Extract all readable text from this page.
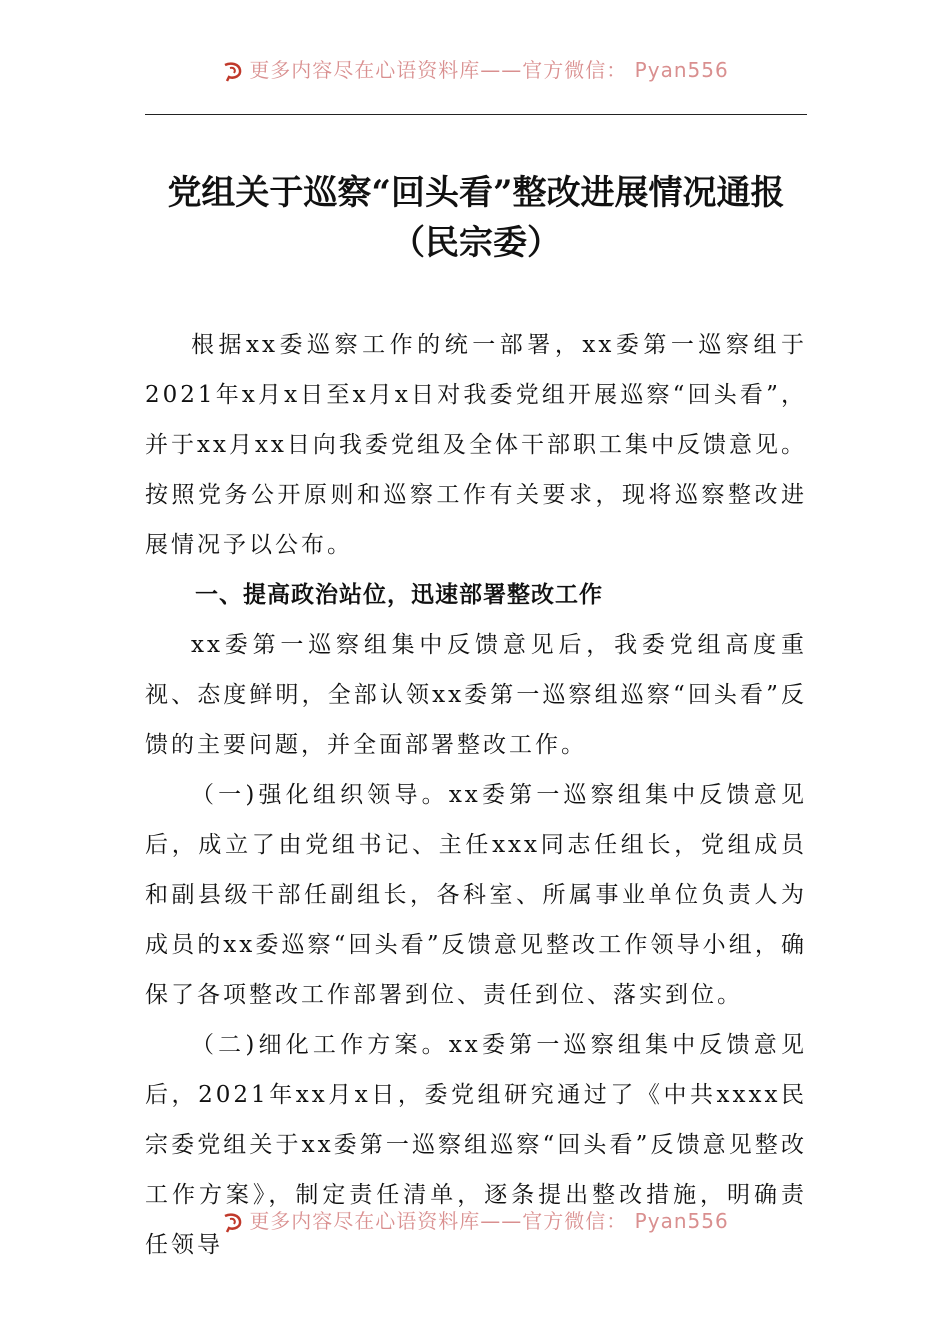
更多内容尽在心语资料库——官方微信： Pyan556
党组关于巡察“回头看”整改进展情况通报（民宗委）

根据xx委巡察工作的统一部署，xx委第一巡察组于2021年x月x日至x月x日对我委党组开展巡察“回头看”，并于xx月xx日向我委党组及全体干部职工集中反馈意见。按照党务公开原则和巡察工作有关要求，现将巡察整改进展情况予以公布。

一、提高政治站位，迅速部署整改工作

xx委第一巡察组集中反馈意见后，我委党组高度重视、态度鲜明，全部认领xx委第一巡察组巡察“回头看”反馈的主要问题，并全面部署整改工作。

（一)强化组织领导。xx委第一巡察组集中反馈意见后，成立了由党组书记、主任xxx同志任组长，党组成员和副县级干部任副组长，各科室、所属事业单位负责人为成员的xx委巡察“回头看”反馈意见整改工作领导小组，确保了各项整改工作部署到位、责任到位、落实到位。

（二)细化工作方案。xx委第一巡察组集中反馈意见后，2021年xx月x日，委党组研究通过了《中共xxxx民宗委党组关于xx委第一巡察组巡察“回头看”反馈意见整改工作方案》，制定责任清单，逐条提出整改措施，明确责任领导

更多内容尽在心语资料库——官方微信： Pyan556
